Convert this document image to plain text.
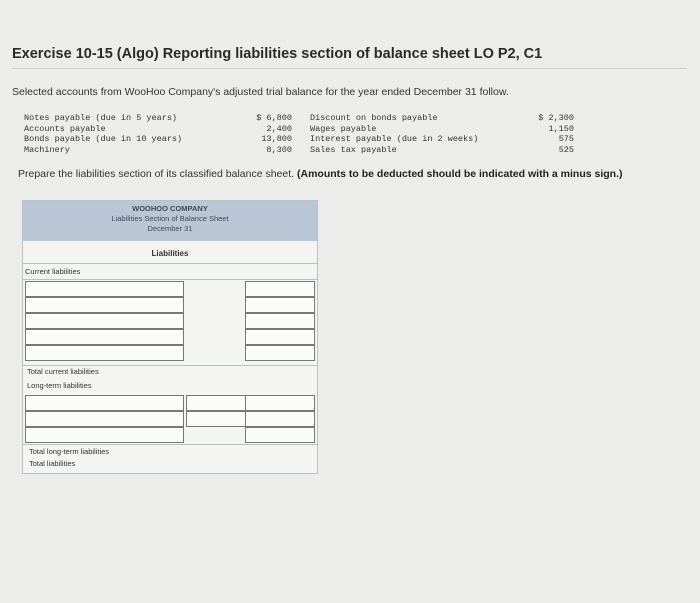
Exercise 10-15 (Algo) Reporting liabilities section of balance sheet LO P2, C1
Selected accounts from WooHoo Company's adjusted trial balance for the year ended December 31 follow.
Notes payable (due in 5 years)
Accounts payable
Bonds payable (due in 10 years)
Machinery
$ 6,800
2,400
13,800
8,300
Discount on bonds payable
Wages payable
Interest payable (due in 2 weeks)
Sales tax payable
$ 2,300
1,150
575
525
Prepare the liabilities section of its classified balance sheet. (Amounts to be deducted should be indicated with a minus sign.)
WOOHOO COMPANY
Liabilities Section of Balance Sheet
December 31
Liabilities
Current liabilities
Total current liabilities
Long-term liabilities
Total long-term liabilities
Total liabilities
